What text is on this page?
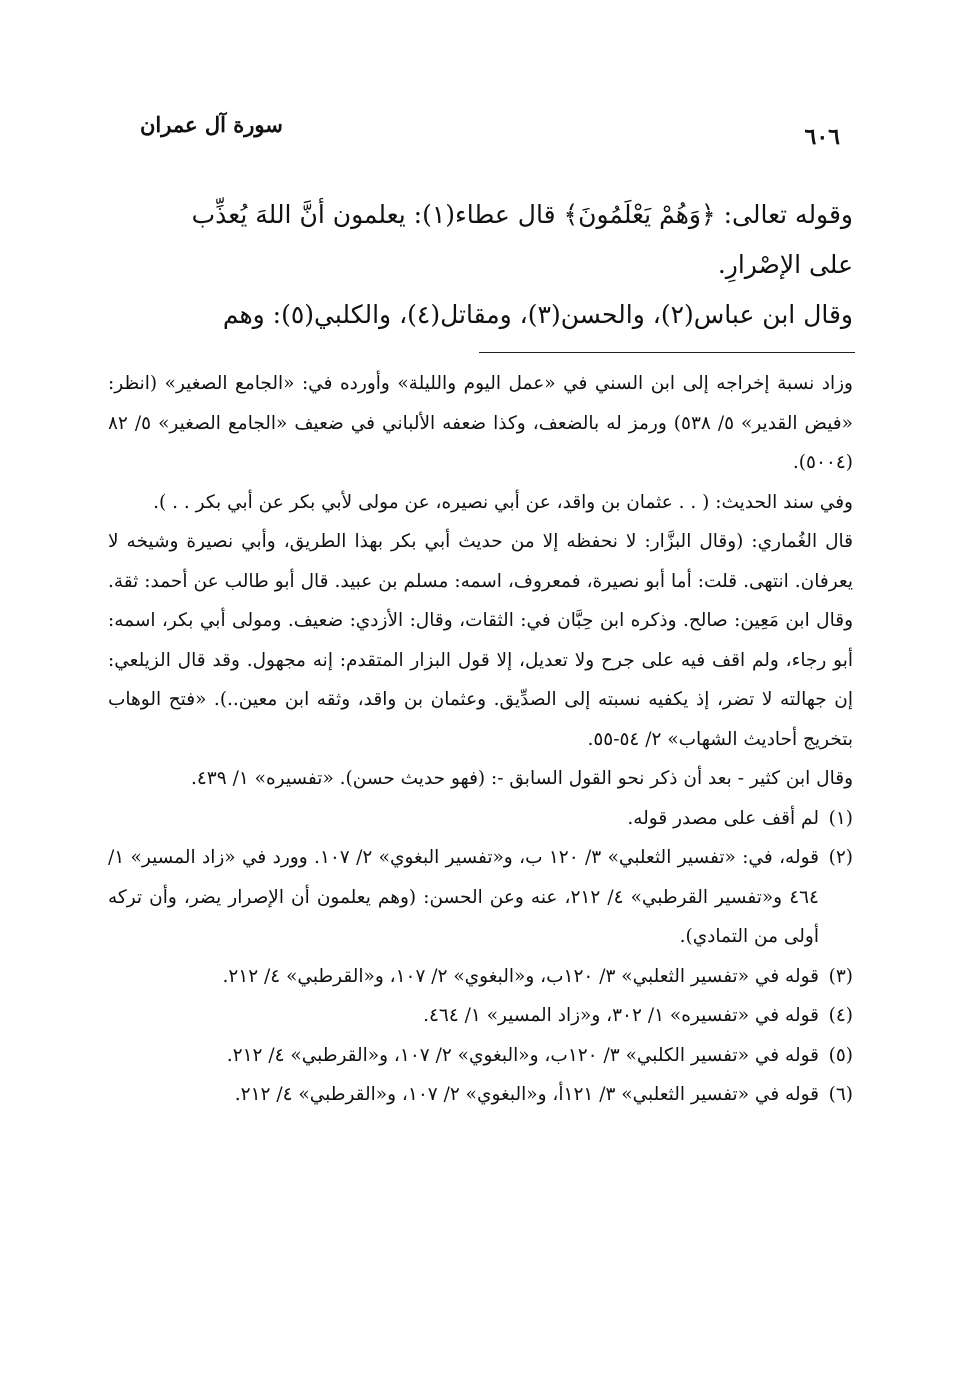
سورة آل عمران	٦٠٦

وقوله تعالى: ﴿وَهُمْ يَعْلَمُونَ﴾ قال عطاء(١): يعلمون أنَّ اللهَ يُعذِّب

على الإصْرارِ.

وقال ابن عباس(٢)، والحسن(٣)، ومقاتل(٤)، والكلبي(٥): وهم

وزاد نسبة إخراجه إلى ابن السني في «عمل اليوم والليلة» وأورده في: «الجامع الصغير» (انظر: «فيض القدير» ٥/ ٥٣٨) ورمز له بالضعف، وكذا ضعفه الألباني في ضعيف «الجامع الصغير» ٥/ ٨٢ (٥٠٠٤).

وفي سند الحديث: ( . . عثمان بن واقد، عن أبي نصيره، عن مولى لأبي بكر عن أبي بكر . . ).

قال الغُماري: (وقال البزَّار: لا نحفظه إلا من حديث أبي بكر بهذا الطريق، وأبي نصيرة وشيخه لا يعرفان. انتهى. قلت: أما أبو نصيرة، فمعروف، اسمه: مسلم بن عبيد. قال أبو طالب عن أحمد: ثقة. وقال ابن مَعِين: صالح. وذكره ابن حِبَّان في: الثقات، وقال: الأزدي: ضعيف. ومولى أبي بكر، اسمه: أبو رجاء، ولم اقف فيه على جرح ولا تعديل، إلا قول البزار المتقدم: إنه مجهول. وقد قال الزيلعي: إن جهالته لا تضر، إذ يكفيه نسبته إلى الصدِّيق. وعثمان بن واقد، وثقه ابن معين..). «فتح الوهاب بتخريج أحاديث الشهاب» ٢/ ٥٤-٥٥.

وقال ابن كثير - بعد أن ذكر نحو القول السابق -: (فهو حديث حسن). «تفسيره» ١/ ٤٣٩.

(١)
لم أقف على مصدر قوله.
(٢)
قوله، في: «تفسير الثعلبي» ٣/ ١٢٠ ب، و«تفسير البغوي» ٢/ ١٠٧. وورد في «زاد المسير» ١/ ٤٦٤ و«تفسير القرطبي» ٤/ ٢١٢، عنه وعن الحسن: (وهم يعلمون أن الإصرار يضر، وأن تركه أولى من التمادي).
(٣)
قوله في «تفسير الثعلبي» ٣/ ١٢٠ب، و«البغوي» ٢/ ١٠٧، و«القرطبي» ٤/ ٢١٢.
(٤)
قوله في «تفسيره» ١/ ٣٠٢، و«زاد المسير» ١/ ٤٦٤.
(٥)
قوله في «تفسير الكلبي» ٣/ ١٢٠ب، و«البغوي» ٢/ ١٠٧، و«القرطبي» ٤/ ٢١٢.
(٦)
قوله في «تفسير الثعلبي» ٣/ ١٢١أ، و«البغوي» ٢/ ١٠٧، و«القرطبي» ٤/ ٢١٢.
